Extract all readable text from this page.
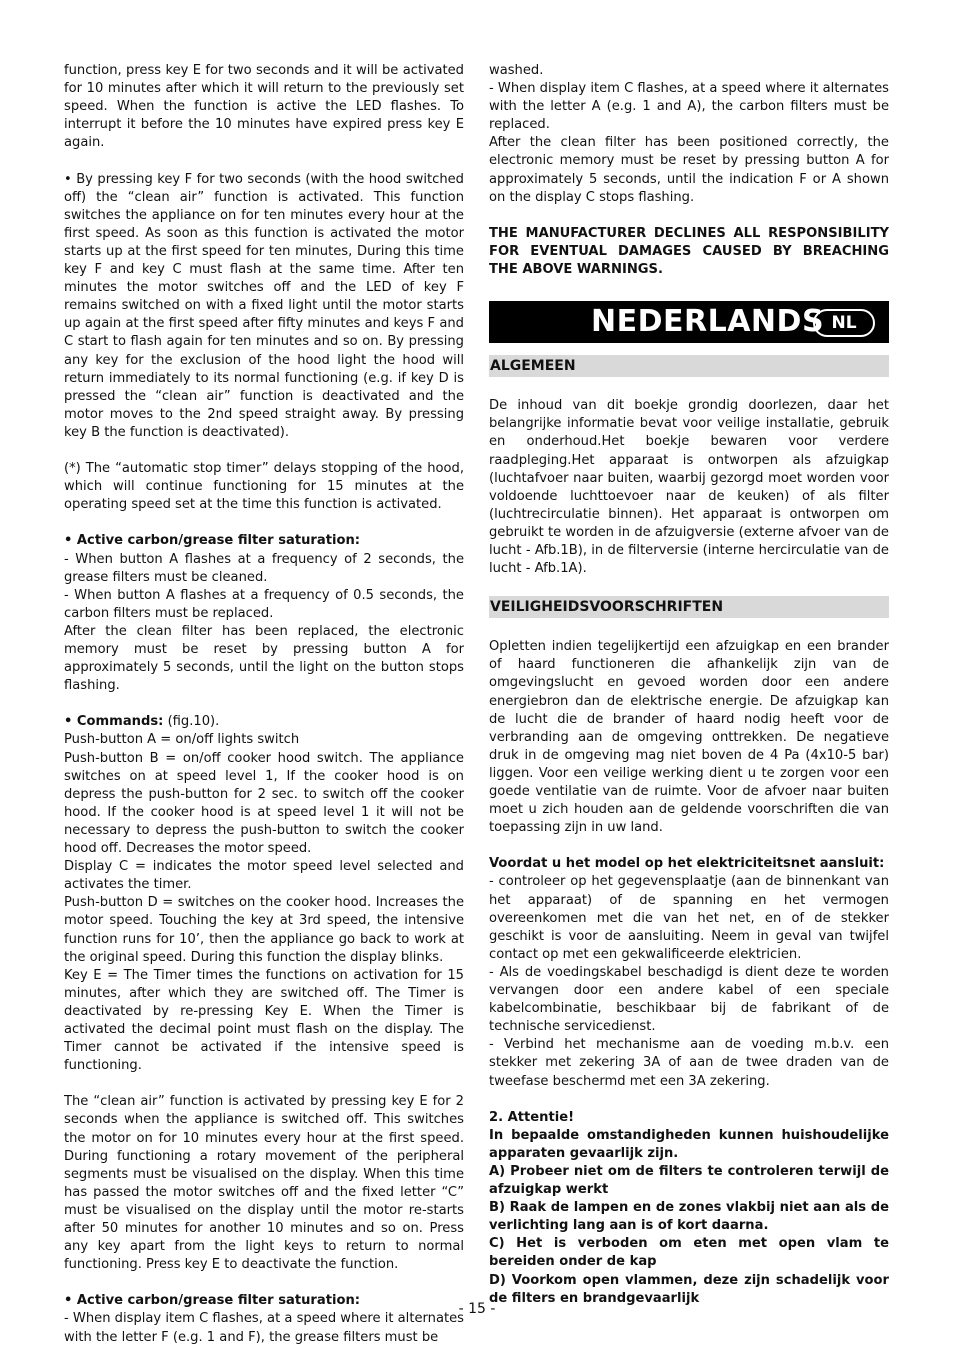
function, press key E for two seconds and it will be activated for 10 minutes after which it will return to the previously set speed. When the function is active the LED flashes. To interrupt it before the 10 minutes have expired press key E again.

• By pressing key F for two seconds (with the hood switched off) the “clean air” function is activated. This function switches the appliance on for ten minutes every hour at the first speed. As soon as this function is activated the motor starts up at the first speed for ten minutes, During this time key F and key C must flash at the same time. After ten minutes the motor switches off and the LED of key F remains switched on with a fixed light until the motor starts up again at the first speed after fifty minutes and keys F and C start to flash again for ten minutes and so on. By pressing any key for the exclusion of the hood light the hood will return immediately to its normal functioning (e.g. if key D is pressed the “clean air” function is deactivated and the motor moves to the 2nd speed straight away. By pressing key B the function is deactivated).

(*) The “automatic stop timer” delays stopping of the hood, which will continue functioning for 15 minutes at the operating speed set at the time this function is activated.

• Active carbon/grease filter saturation:

- When button A flashes at a frequency of 2 seconds, the grease filters must be cleaned.
- When button A flashes at a frequency of 0.5 seconds, the carbon filters must be replaced.
After the clean filter has been replaced, the electronic memory must be reset by pressing button A for approximately 5 seconds, until the light on the button stops flashing.

• Commands: (fig.10).

Push-button A = on/off lights switch

Push-button B = on/off cooker hood switch. The appliance switches on at speed level 1, If the cooker hood is on depress the push-button for 2 sec. to switch off the cooker hood. If the cooker hood is at speed level 1 it will not be necessary to depress the push-button to switch the cooker hood off. Decreases the motor speed.

Display C = indicates the motor speed level selected and activates the timer.

Push-button D = switches on the cooker hood. Increases the motor speed. Touching the key at 3rd speed, the intensive function runs for 10’, then the appliance go back to work at the original speed. During this function the display blinks.

Key E = The Timer times the functions on activation for 15 minutes, after which they are switched off. The Timer is deactivated by re-pressing Key E. When the Timer is activated the decimal point must flash on the display. The Timer cannot be activated if the intensive speed is functioning.

The “clean air” function is activated by pressing key E for 2 seconds when the appliance is switched off. This switches the motor on for 10 minutes every hour at the first speed. During functioning a rotary movement of the peripheral segments must be visualised on the display. When this time has passed the motor switches off and the fixed letter “C” must be visualised on the display until the motor re-starts after 50 minutes for another 10 minutes and so on. Press any key apart from the light keys to return to normal functioning. Press key E to deactivate the function.

• Active carbon/grease filter saturation:

- When display item C flashes, at a speed where it alternates with the letter F (e.g. 1 and F), the grease filters must be

washed.
- When display item C flashes, at a speed where it alternates with the letter A (e.g. 1 and A), the carbon filters must be replaced.
After the clean filter has been positioned correctly, the electronic memory must be reset by pressing button A for approximately 5 seconds, until the indication F or A shown on the display C stops flashing.

THE MANUFACTURER DECLINES ALL RESPONSIBILITY FOR EVENTUAL DAMAGES CAUSED BY BREACHING THE ABOVE WARNINGS.

NEDERLANDS NL
ALGEMEEN

De inhoud van dit boekje grondig doorlezen, daar het belangrijke informatie bevat voor veilige installatie, gebruik en onderhoud.Het boekje bewaren voor verdere raadpleging.Het apparaat is ontworpen als afzuigkap (luchtafvoer naar buiten, waarbij gezorgd moet worden voor voldoende luchttoevoer naar de keuken) of als filter (luchtrecirculatie binnen). Het apparaat is ontworpen om gebruikt te worden in de afzuigversie (externe afvoer van de lucht - Afb.1B), in de filterversie (interne hercirculatie van de lucht - Afb.1A).

VEILIGHEIDSVOORSCHRIFTEN

Opletten indien tegelijkertijd een afzuigkap en een brander of haard functioneren die afhankelijk zijn van de omgevingslucht en gevoed worden door een andere energiebron dan de elektrische energie. De afzuigkap kan de lucht die de brander of haard nodig heeft voor de verbranding aan de omgeving onttrekken. De negatieve druk in de omgeving mag niet boven de 4 Pa (4x10-5 bar) liggen. Voor een veilige werking dient u te zorgen voor een goede ventilatie van de ruimte. Voor de afvoer naar buiten moet u zich houden aan de geldende voorschriften die van toepassing zijn in uw land.

Voordat u het model op het elektriciteitsnet aansluit:

- controleer op het gegevensplaatje (aan de binnenkant van het apparaat) of de spanning en het vermogen overeenkomen met die van het net, en of de stekker geschikt is voor de aansluiting. Neem in geval van twijfel contact op met een gekwalificeerde elektricien.
- Als de voedingskabel beschadigd is dient deze te worden vervangen door een andere kabel of een speciale kabelcombinatie, beschikbaar bij de fabrikant of de technische servicedienst.
- Verbind het mechanisme aan de voeding m.b.v. een stekker met zekering 3A of aan de twee draden van de tweefase beschermd met een 3A zekering.

2. Attentie!

In bepaalde omstandigheden kunnen huishoudelijke apparaten gevaarlijk zijn.

A) Probeer niet om de filters te controleren terwijl de afzuigkap werkt

B) Raak de lampen en de zones vlakbij niet aan als de verlichting lang aan is of kort daarna.

C) Het is verboden om eten met open vlam te bereiden onder de kap

D) Voorkom open vlammen, deze zijn schadelijk voor de filters en brandgevaarlijk

- 15 -
